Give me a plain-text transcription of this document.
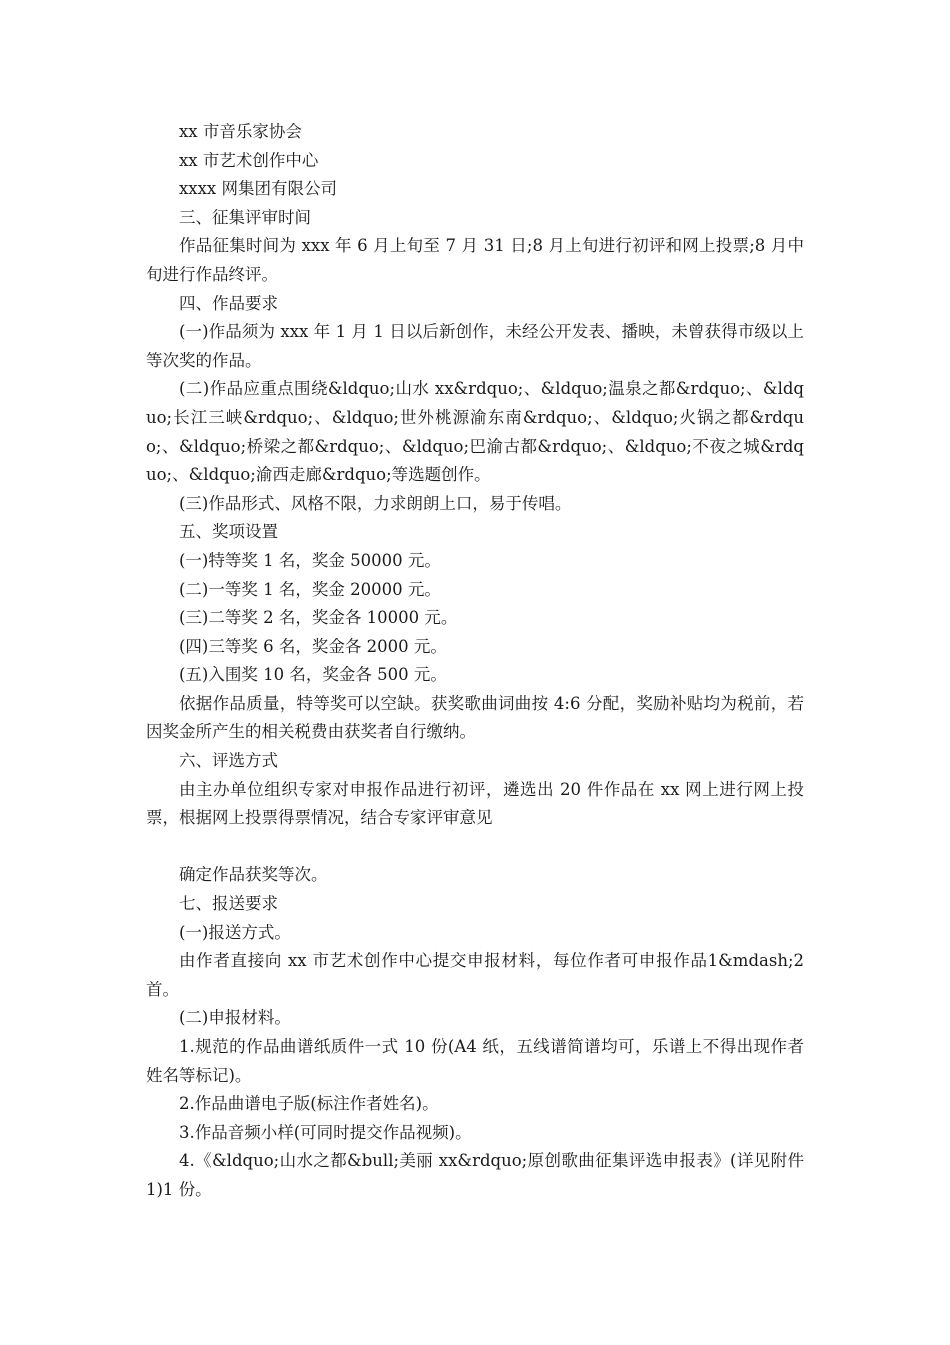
xx 市音乐家协会

xx 市艺术创作中心

xxxx 网集团有限公司

三、征集评审时间

作品征集时间为 xxx 年 6 月上旬至 7 月 31 日;8 月上旬进行初评和网上投票;8 月中旬进行作品终评。

四、作品要求

(一)作品须为 xxx 年 1 月 1 日以后新创作，未经公开发表、播映，未曾获得市级以上等次奖的作品。

(二)作品应重点围绕&ldquo;山水 xx&rdquo;、&ldquo;温泉之都&rdquo;、&ldquo;长江三峡&rdquo;、&ldquo;世外桃源渝东南&rdquo;、&ldquo;火锅之都&rdquo;、&ldquo;桥梁之都&rdquo;、&ldquo;巴渝古都&rdquo;、&ldquo;不夜之城&rdquo;、&ldquo;渝西走廊&rdquo;等选题创作。

(三)作品形式、风格不限，力求朗朗上口，易于传唱。

五、奖项设置

(一)特等奖 1 名，奖金 50000 元。

(二)一等奖 1 名，奖金 20000 元。

(三)二等奖 2 名，奖金各 10000 元。

(四)三等奖 6 名，奖金各 2000 元。

(五)入围奖 10 名，奖金各 500 元。

依据作品质量，特等奖可以空缺。获奖歌曲词曲按 4:6 分配，奖励补贴均为税前，若因奖金所产生的相关税费由获奖者自行缴纳。

六、评选方式

由主办单位组织专家对申报作品进行初评，遴选出 20 件作品在 xx 网上进行网上投票，根据网上投票得票情况，结合专家评审意见

确定作品获奖等次。

七、报送要求

(一)报送方式。

由作者直接向 xx 市艺术创作中心提交申报材料，每位作者可申报作品1&mdash;2 首。

(二)申报材料。

1.规范的作品曲谱纸质件一式 10 份(A4 纸，五线谱简谱均可，乐谱上不得出现作者姓名等标记)。

2.作品曲谱电子版(标注作者姓名)。

3.作品音频小样(可同时提交作品视频)。

4.《&ldquo;山水之都&bull;美丽 xx&rdquo;原创歌曲征集评选申报表》(详见附件 1)1 份。
